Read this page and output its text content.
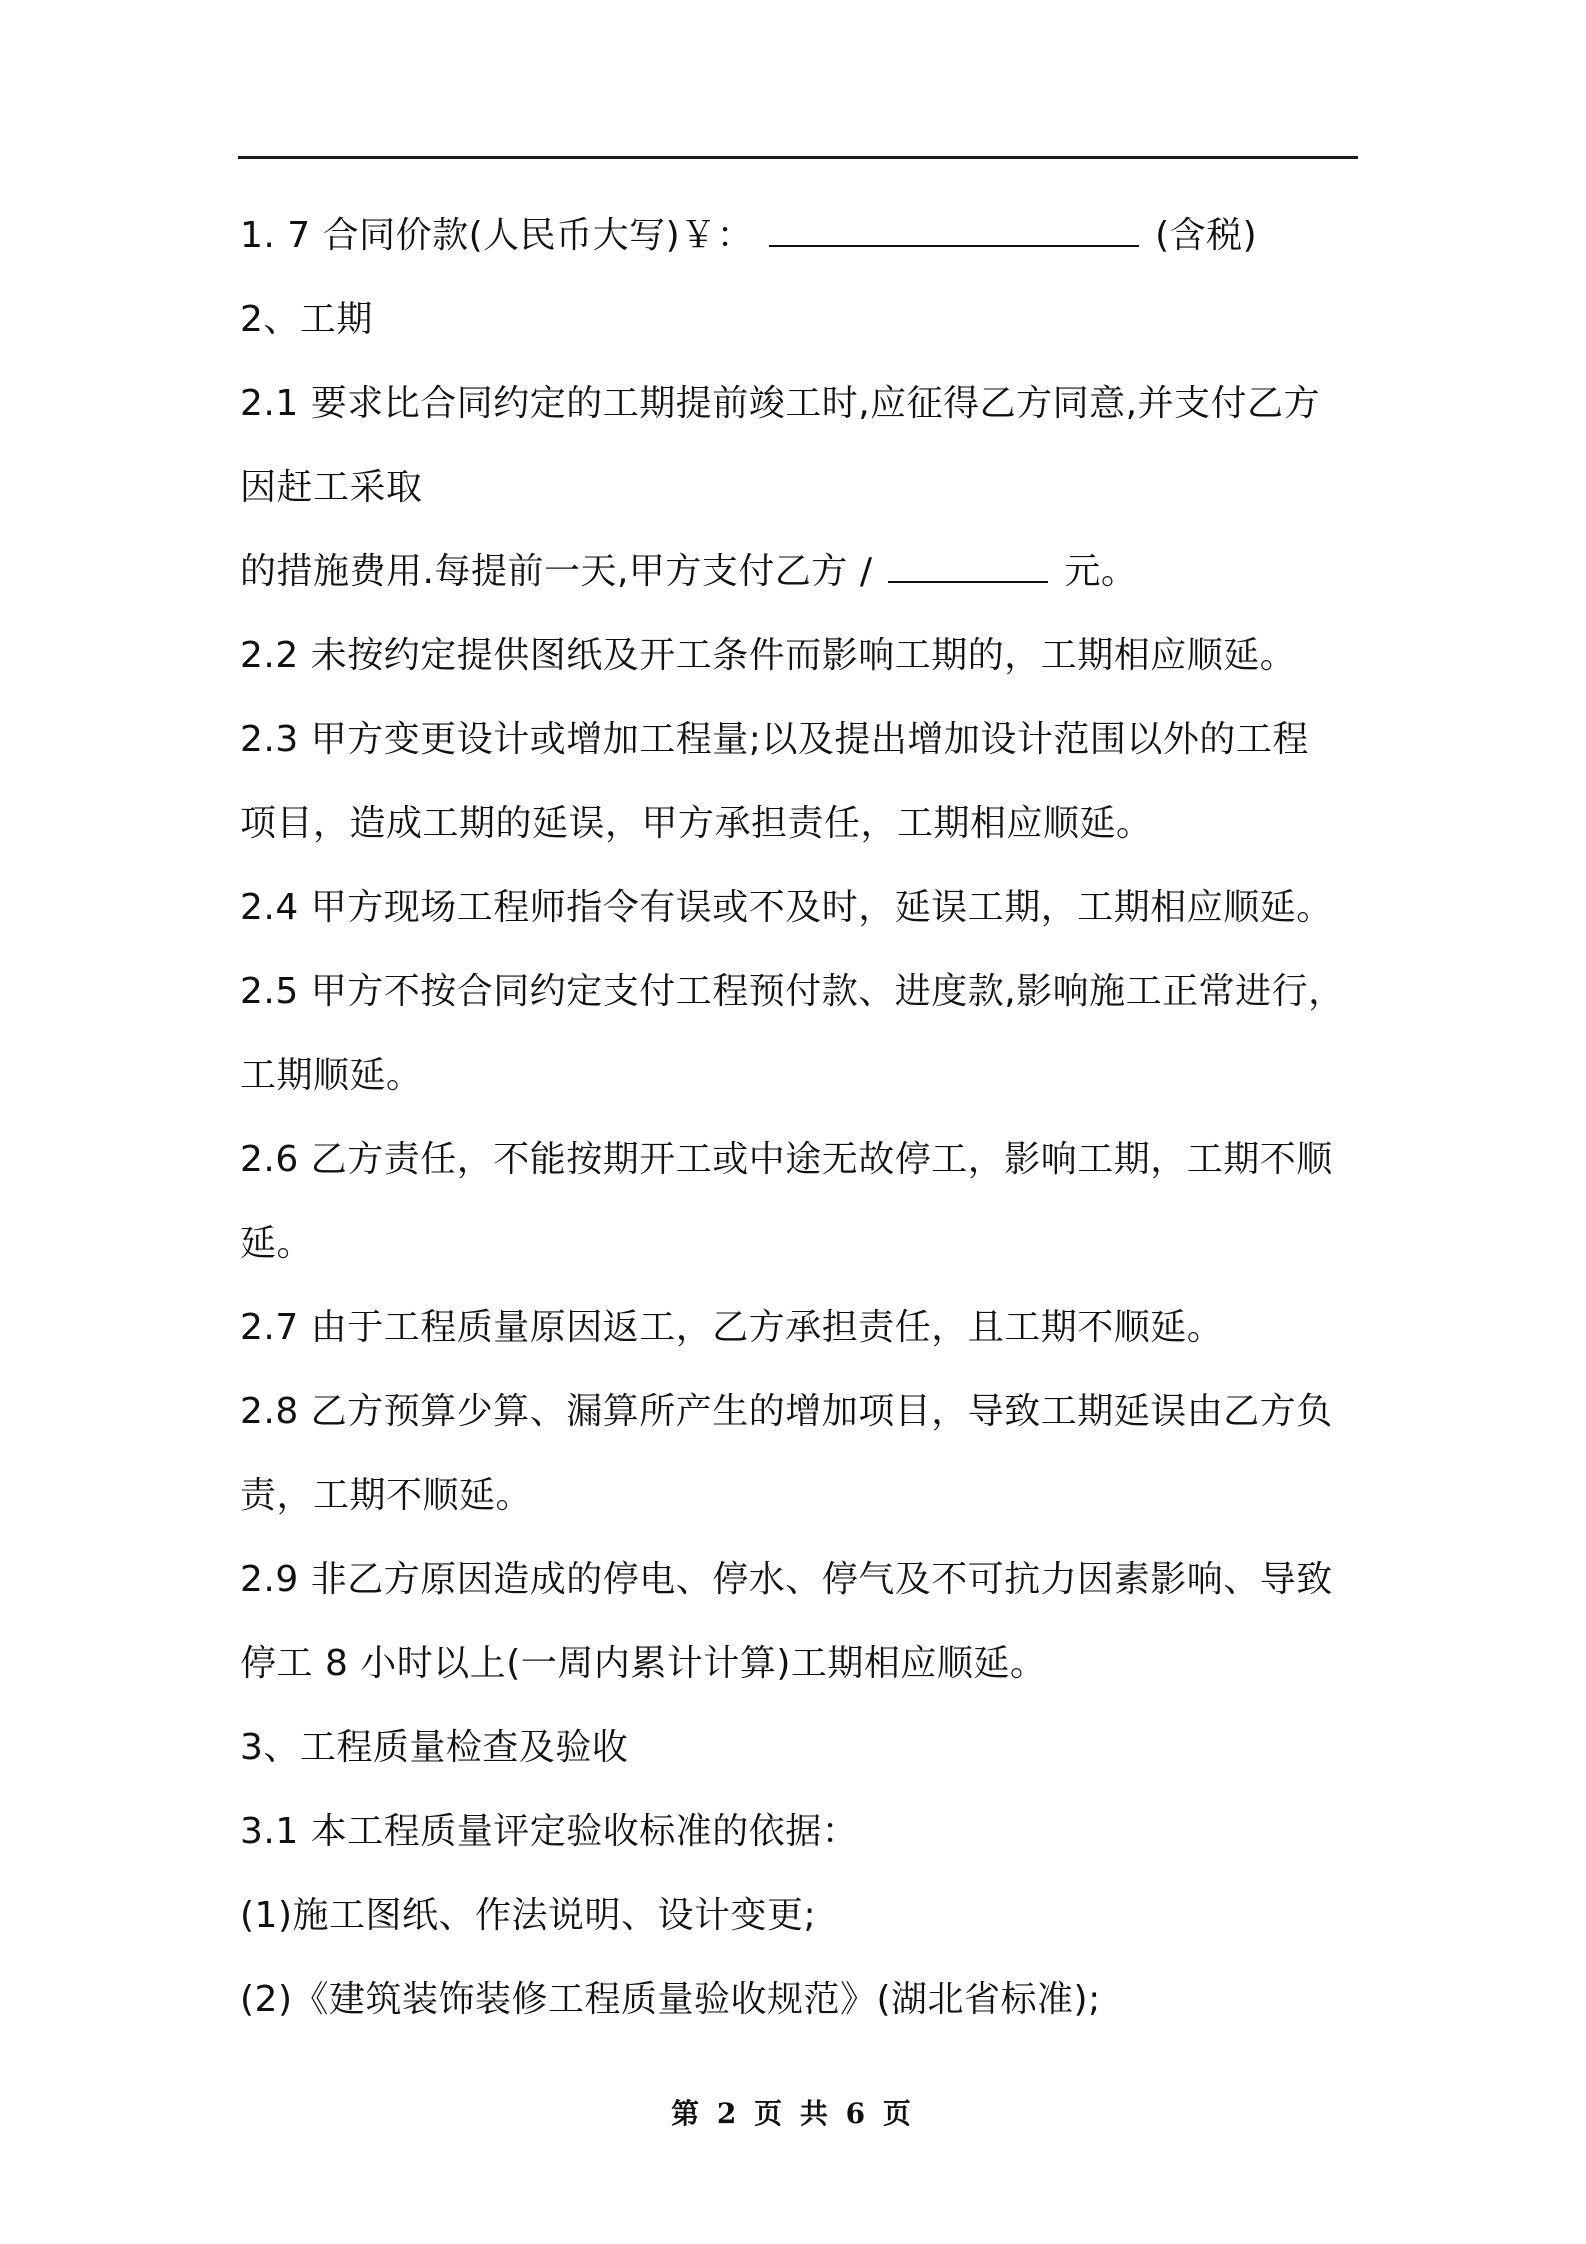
1. 7 合同价款(人民币大写)￥：	(含税)
2、工期
2.1 要求比合同约定的工期提前竣工时,应征得乙方同意,并支付乙方
因赶工采取
的措施费用.每提前一天,甲方支付乙方 /	元。
2.2 未按约定提供图纸及开工条件而影响工期的，工期相应顺延。
2.3 甲方变更设计或增加工程量;以及提出增加设计范围以外的工程
项目，造成工期的延误，甲方承担责任，工期相应顺延。
2.4 甲方现场工程师指令有误或不及时，延误工期，工期相应顺延。
2.5 甲方不按合同约定支付工程预付款、进度款,影响施工正常进行，
工期顺延。
2.6 乙方责任，不能按期开工或中途无故停工，影响工期，工期不顺
延。
2.7 由于工程质量原因返工，乙方承担责任，且工期不顺延。
2.8 乙方预算少算、漏算所产生的增加项目，导致工期延误由乙方负
责，工期不顺延。
2.9 非乙方原因造成的停电、停水、停气及不可抗力因素影响、导致
停工 8 小时以上(一周内累计计算)工期相应顺延。
3、工程质量检查及验收
3.1 本工程质量评定验收标准的依据：
(1)施工图纸、作法说明、设计变更;
(2)《建筑装饰装修工程质量验收规范》(湖北省标准);
第 2 页 共 6 页
